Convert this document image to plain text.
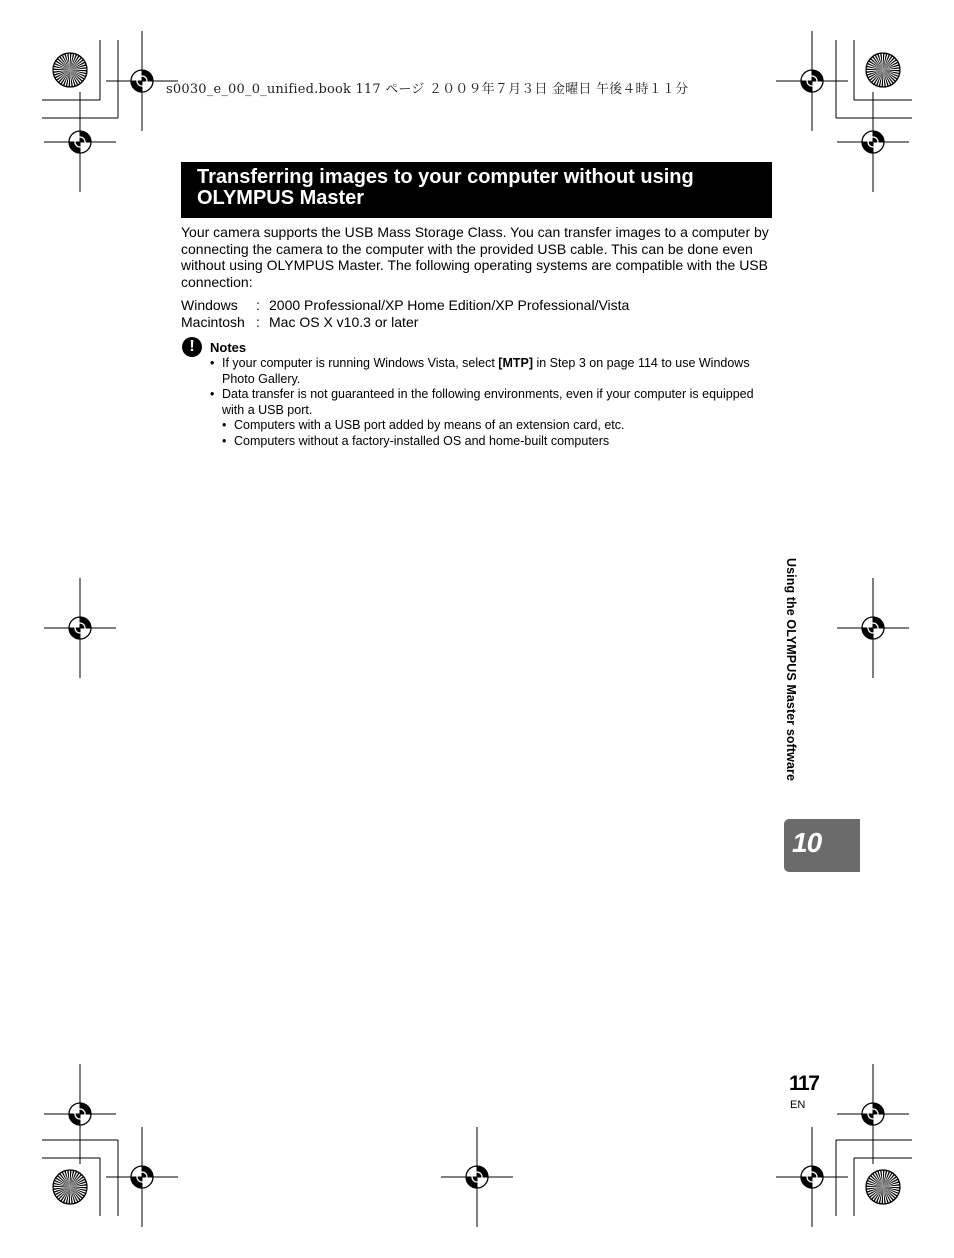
s0030_e_00_0_unified.book 117 ページ ２００９年７月３日 金曜日 午後４時１１分
Transferring images to your computer without using
OLYMPUS Master

Your camera supports the USB Mass Storage Class. You can transfer images to a computer by connecting the camera to the computer with the provided USB cable. This can be done even without using OLYMPUS Master. The following operating systems are compatible with the USB connection:

Windows	: 2000 Professional/XP Home Edition/XP Professional/Vista
Macintosh : Mac OS X v10.3 or later
!	Notes
• If your computer is running Windows Vista, select [MTP] in Step 3 on page 114 to use Windows Photo Gallery.
• Data transfer is not guaranteed in the following environments, even if your computer is equipped with a USB port.
• Computers with a USB port added by means of an extension card, etc.
• Computers without a factory-installed OS and home-built computers
Using the OLYMPUS Master software
10
117
EN
